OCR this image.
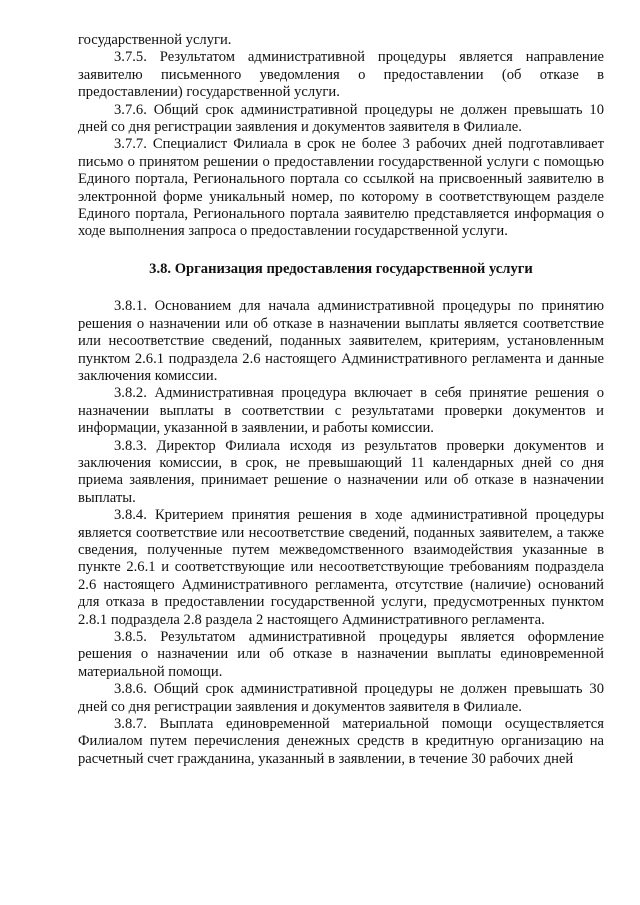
государственной услуги.

3.7.5. Результатом административной процедуры является направление заявителю письменного уведомления о предоставлении (об отказе в предоставлении) государственной услуги.

3.7.6. Общий срок административной процедуры не должен превышать 10 дней со дня регистрации заявления и документов заявителя в Филиале.

3.7.7. Специалист Филиала в срок не более 3 рабочих дней подготавливает письмо о принятом решении о предоставлении государственной услуги с помощью Единого портала, Регионального портала со ссылкой на присвоенный заявителю в электронной форме уникальный номер, по которому в соответствующем разделе Единого портала, Регионального портала заявителю представляется информация о ходе выполнения запроса о предоставлении государственной услуги.

3.8. Организация предоставления государственной услуги

3.8.1. Основанием для начала административной процедуры по принятию решения о назначении или об отказе в назначении выплаты является соответствие или несоответствие сведений, поданных заявителем, критериям, установленным пунктом 2.6.1 подраздела 2.6 настоящего Административного регламента и данные заключения комиссии.

3.8.2. Административная процедура включает в себя принятие решения о назначении выплаты в соответствии с результатами проверки документов и информации, указанной в заявлении, и работы комиссии.

3.8.3. Директор Филиала исходя из результатов проверки документов и заключения комиссии, в срок, не превышающий 11 календарных дней со дня приема заявления, принимает решение о назначении или об отказе в назначении выплаты.

3.8.4. Критерием принятия решения в ходе административной процедуры является соответствие или несоответствие сведений, поданных заявителем, а также сведения, полученные путем межведомственного взаимодействия указанные в пункте 2.6.1 и соответствующие или несоответствующие требованиям подраздела 2.6 настоящего Административного регламента, отсутствие (наличие) оснований для отказа в предоставлении государственной услуги, предусмотренных пунктом 2.8.1 подраздела 2.8 раздела 2 настоящего Административного регламента.

3.8.5. Результатом административной процедуры является оформление решения о назначении или об отказе в назначении выплаты единовременной материальной помощи.

3.8.6. Общий срок административной процедуры не должен превышать 30 дней со дня регистрации заявления и документов заявителя в Филиале.

3.8.7. Выплата единовременной материальной помощи осуществляется Филиалом путем перечисления денежных средств в кредитную организацию на расчетный счет гражданина, указанный в заявлении, в течение 30 рабочих дней
